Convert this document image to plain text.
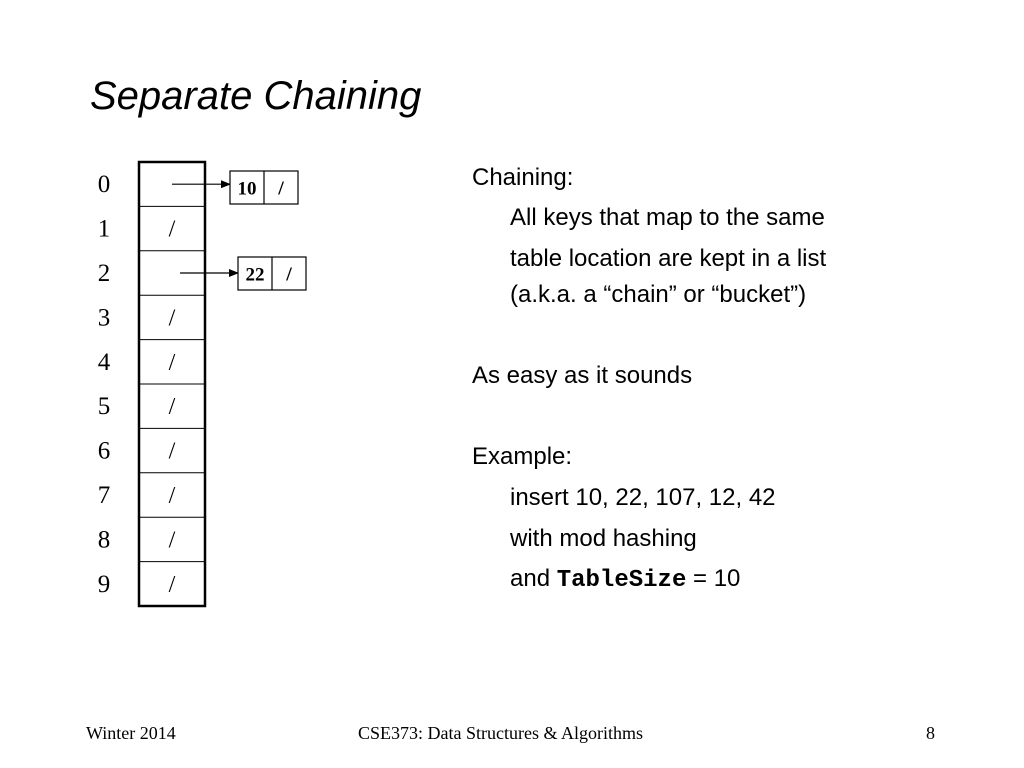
Separate Chaining
0
1 /
2
3 /
4 /
5 /
6 /
7 /
8 /
9 /
10 /
22 /
Chaining:
All keys that map to the same
table location are kept in a list
(a.k.a. a “chain” or “bucket”)
As easy as it sounds
Example:
insert 10, 22, 107, 12, 42
with mod hashing
and TableSize = 10
Winter 2014	CSE373: Data Structures & Algorithms	8
